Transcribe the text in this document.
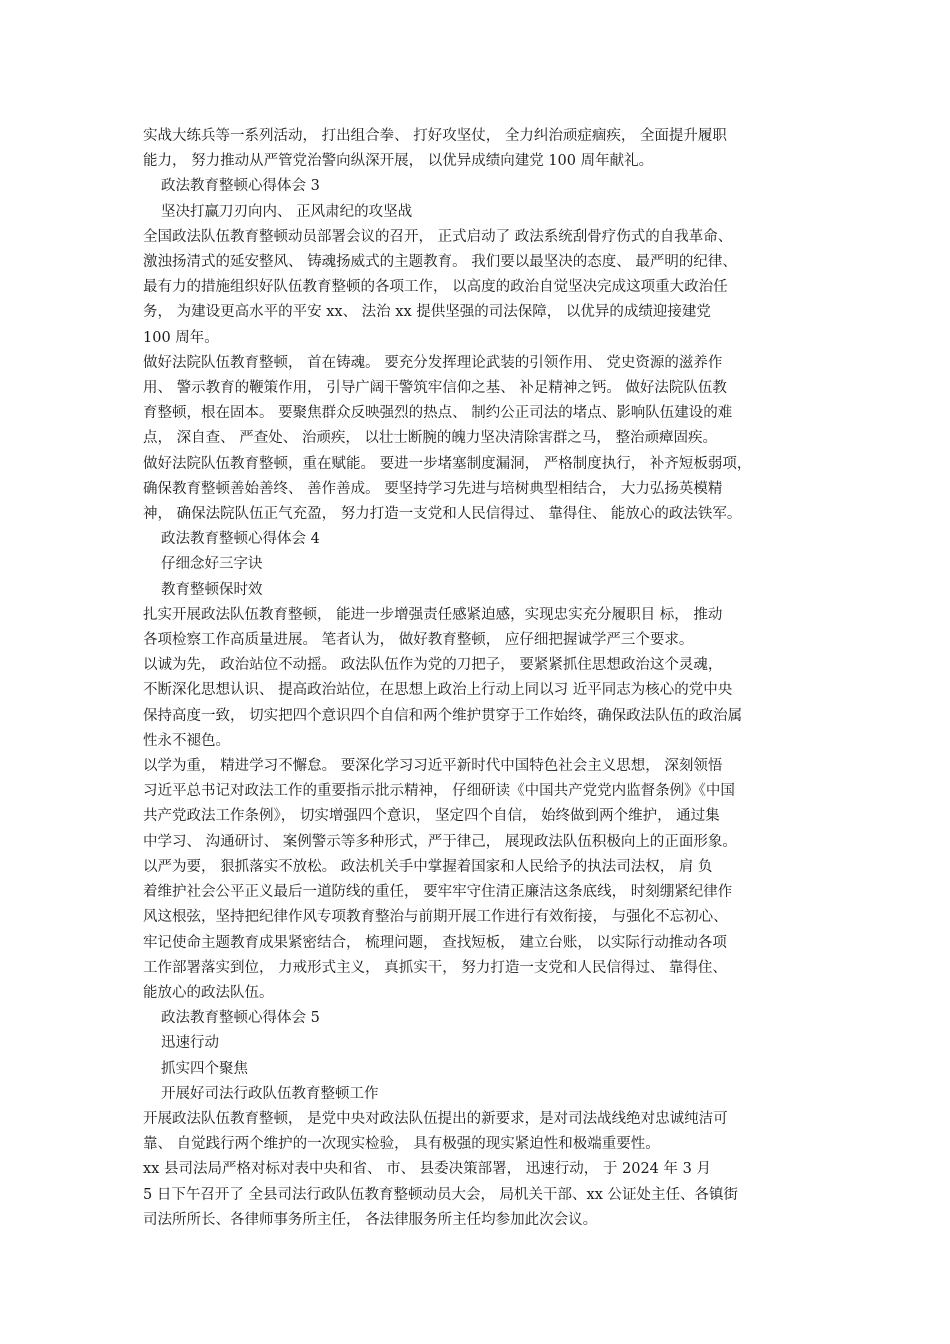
实战大练兵等一系列活动， 打出组合拳、 打好攻坚仗， 全力纠治顽症痼疾， 全面提升履职

能力， 努力推动从严管党治警向纵深开展， 以优异成绩向建党 100 周年献礼。

政法教育整顿心得体会 3

坚决打赢刀刃向内、 正风肃纪的攻坚战

全国政法队伍教育整顿动员部署会议的召开， 正式启动了 政法系统刮骨疗伤式的自我革命、

激浊扬清式的延安整风、 铸魂扬威式的主题教育。 我们要以最坚决的态度、 最严明的纪律、

最有力的措施组织好队伍教育整顿的各项工作， 以高度的政治自觉坚决完成这项重大政治任

务， 为建设更高水平的平安 xx、 法治 xx 提供坚强的司法保障， 以优异的成绩迎接建党

100 周年。

做好法院队伍教育整顿， 首在铸魂。 要充分发挥理论武装的引领作用、 党史资源的滋养作

用、 警示教育的鞭策作用， 引导广阔干警筑牢信仰之基、 补足精神之钙。 做好法院队伍教

育整顿，根在固本。 要聚焦群众反映强烈的热点、 制约公正司法的堵点、影响队伍建设的难

点， 深自查、 严查处、 治顽疾， 以壮士断腕的魄力坚决清除害群之马， 整治顽瘴固疾。

做好法院队伍教育整顿，重在赋能。 要进一步堵塞制度漏洞， 严格制度执行， 补齐短板弱项，

确保教育整顿善始善终、 善作善成。 要坚持学习先进与培树典型相结合， 大力弘扬英模精

神， 确保法院队伍正气充盈， 努力打造一支党和人民信得过、 靠得住、 能放心的政法铁军。

政法教育整顿心得体会 4

仔细念好三字诀

教育整顿保时效

扎实开展政法队伍教育整顿， 能进一步增强责任感紧迫感，实现忠实充分履职目 标， 推动

各项检察工作高质量进展。 笔者认为， 做好教育整顿， 应仔细把握诚学严三个要求。

以诚为先， 政治站位不动摇。 政法队伍作为党的刀把子， 要紧紧抓住思想政治这个灵魂，

不断深化思想认识、 提高政治站位，在思想上政治上行动上同以习 近平同志为核心的党中央

保持高度一致， 切实把四个意识四个自信和两个维护贯穿于工作始终，确保政法队伍的政治属

性永不褪色。

以学为重， 精进学习不懈怠。 要深化学习习近平新时代中国特色社会主义思想， 深刻领悟

习近平总书记对政法工作的重要指示批示精神， 仔细研读《中国共产党党内监督条例》《中国

共产党政法工作条例》， 切实增强四个意识， 坚定四个自信， 始终做到两个维护， 通过集

中学习、 沟通研讨、 案例警示等多种形式，严于律己， 展现政法队伍积极向上的正面形象。

以严为要， 狠抓落实不放松。 政法机关手中掌握着国家和人民给予的执法司法权， 肩 负

着维护社会公平正义最后一道防线的重任， 要牢牢守住清正廉洁这条底线， 时刻绷紧纪律作

风这根弦，坚持把纪律作风专项教育整治与前期开展工作进行有效衔接， 与强化不忘初心、

牢记使命主题教育成果紧密结合， 梳理问题， 查找短板， 建立台账， 以实际行动推动各项

工作部署落实到位， 力戒形式主义， 真抓实干， 努力打造一支党和人民信得过、 靠得住、

能放心的政法队伍。

政法教育整顿心得体会 5

迅速行动

抓实四个聚焦

开展好司法行政队伍教育整顿工作

开展政法队伍教育整顿， 是党中央对政法队伍提出的新要求，是对司法战线绝对忠诚纯洁可

靠、 自觉践行两个维护的一次现实检验， 具有极强的现实紧迫性和极端重要性。

xx 县司法局严格对标对表中央和省、 市、 县委决策部署， 迅速行动， 于 2024 年 3 月

5 日下午召开了 全县司法行政队伍教育整顿动员大会， 局机关干部、xx 公证处主任、各镇街

司法所所长、各律师事务所主任， 各法律服务所主任均参加此次会议。
